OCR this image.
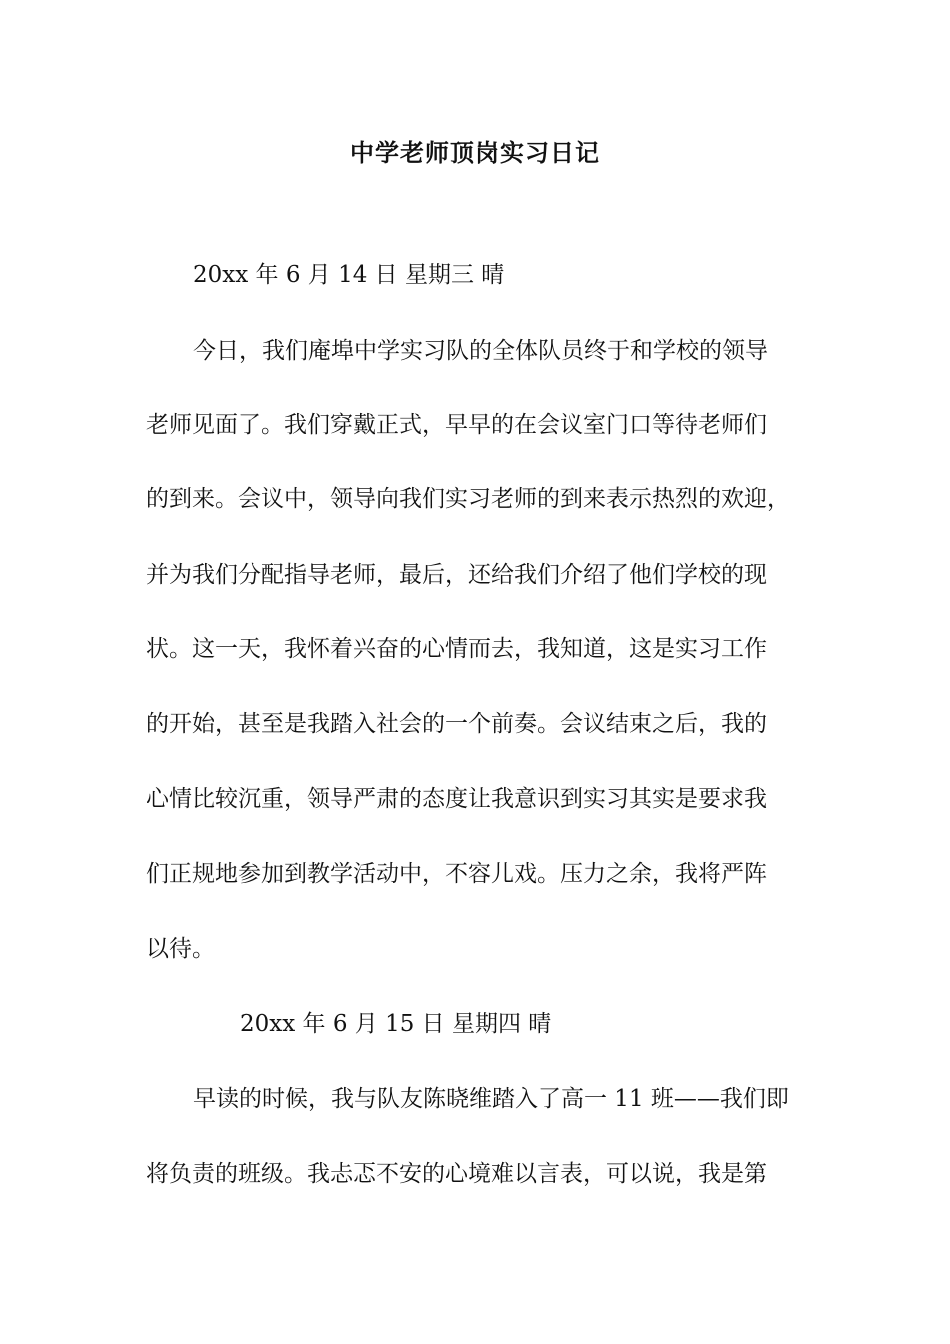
中学老师顶岗实习日记
20xx 年 6 月 14 日 星期三 晴
今日，我们庵埠中学实习队的全体队员终于和学校的领导
老师见面了。我们穿戴正式，早早的在会议室门口等待老师们
的到来。会议中，领导向我们实习老师的到来表示热烈的欢迎，
并为我们分配指导老师，最后，还给我们介绍了他们学校的现
状。这一天，我怀着兴奋的心情而去，我知道，这是实习工作
的开始，甚至是我踏入社会的一个前奏。会议结束之后，我的
心情比较沉重，领导严肃的态度让我意识到实习其实是要求我
们正规地参加到教学活动中，不容儿戏。压力之余，我将严阵
以待。
20xx 年 6 月 15 日 星期四 晴
早读的时候，我与队友陈晓维踏入了高一 11 班——我们即
将负责的班级。我忐忑不安的心境难以言表，可以说，我是第
